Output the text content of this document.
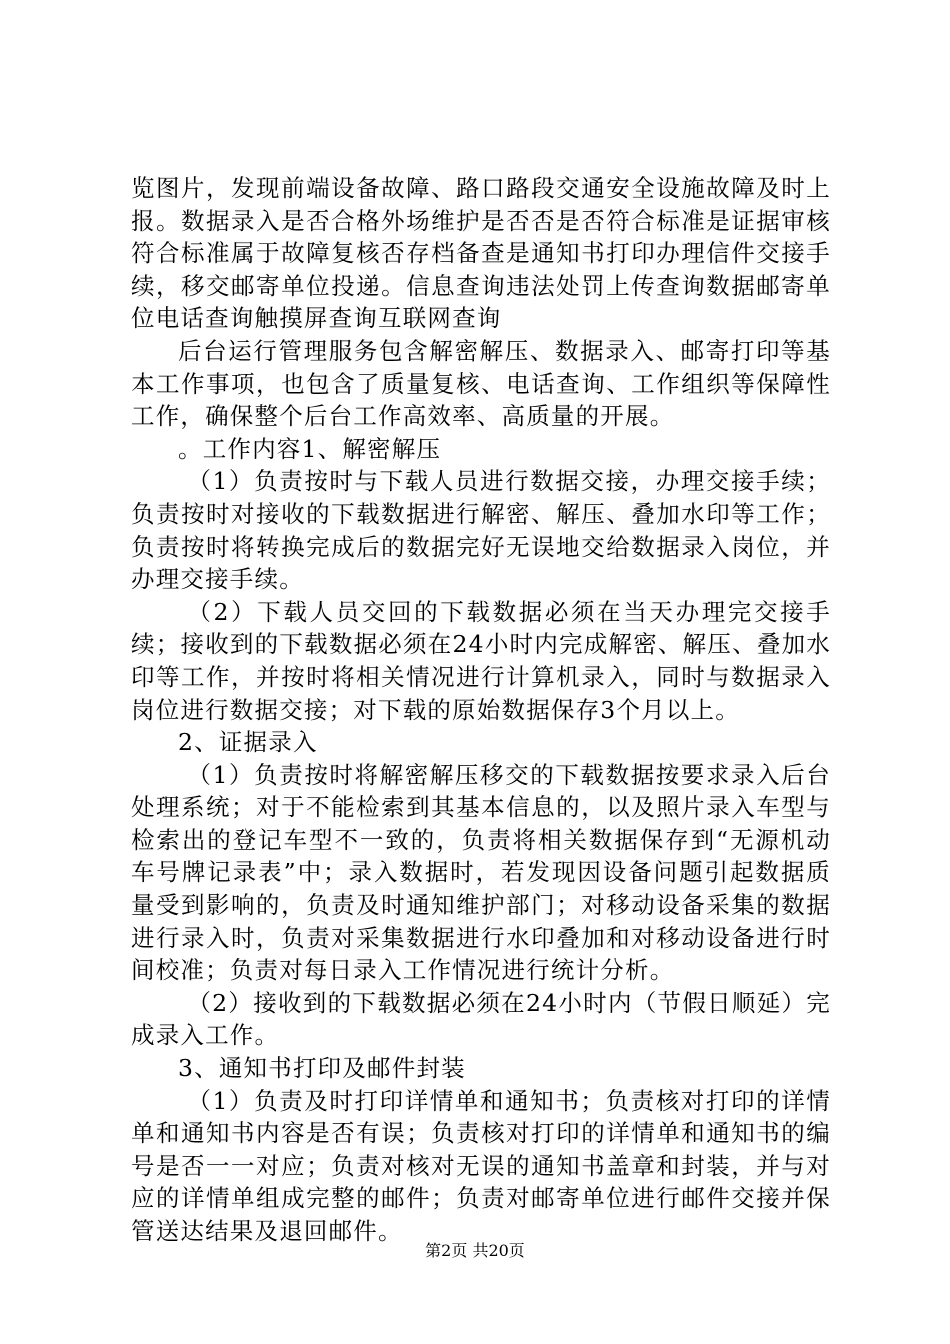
览图片，发现前端设备故障、路口路段交通安全设施故障及时上报。数据录入是否合格外场维护是否否是否符合标准是证据审核符合标准属于故障复核否存档备查是通知书打印办理信件交接手续，移交邮寄单位投递。信息查询违法处罚上传查询数据邮寄单位电话查询触摸屏查询互联网查询

后台运行管理服务包含解密解压、数据录入、邮寄打印等基本工作事项，也包含了质量复核、电话查询、工作组织等保障性工作，确保整个后台工作高效率、高质量的开展。

。工作内容1、解密解压

（1）负责按时与下载人员进行数据交接，办理交接手续；负责按时对接收的下载数据进行解密、解压、叠加水印等工作；负责按时将转换完成后的数据完好无误地交给数据录入岗位，并办理交接手续。

（2）下载人员交回的下载数据必须在当天办理完交接手续；接收到的下载数据必须在24小时内完成解密、解压、叠加水印等工作，并按时将相关情况进行计算机录入，同时与数据录入岗位进行数据交接；对下载的原始数据保存3个月以上。

2、证据录入

（1）负责按时将解密解压移交的下载数据按要求录入后台处理系统；对于不能检索到其基本信息的，以及照片录入车型与检索出的登记车型不一致的，负责将相关数据保存到“无源机动车号牌记录表”中；录入数据时，若发现因设备问题引起数据质量受到影响的，负责及时通知维护部门；对移动设备采集的数据进行录入时，负责对采集数据进行水印叠加和对移动设备进行时间校准；负责对每日录入工作情况进行统计分析。

（2）接收到的下载数据必须在24小时内（节假日顺延）完成录入工作。

3、通知书打印及邮件封装

（1）负责及时打印详情单和通知书；负责核对打印的详情单和通知书内容是否有误；负责核对打印的详情单和通知书的编号是否一一对应；负责对核对无误的通知书盖章和封装，并与对应的详情单组成完整的邮件；负责对邮寄单位进行邮件交接并保管送达结果及退回邮件。

第2页 共20页
